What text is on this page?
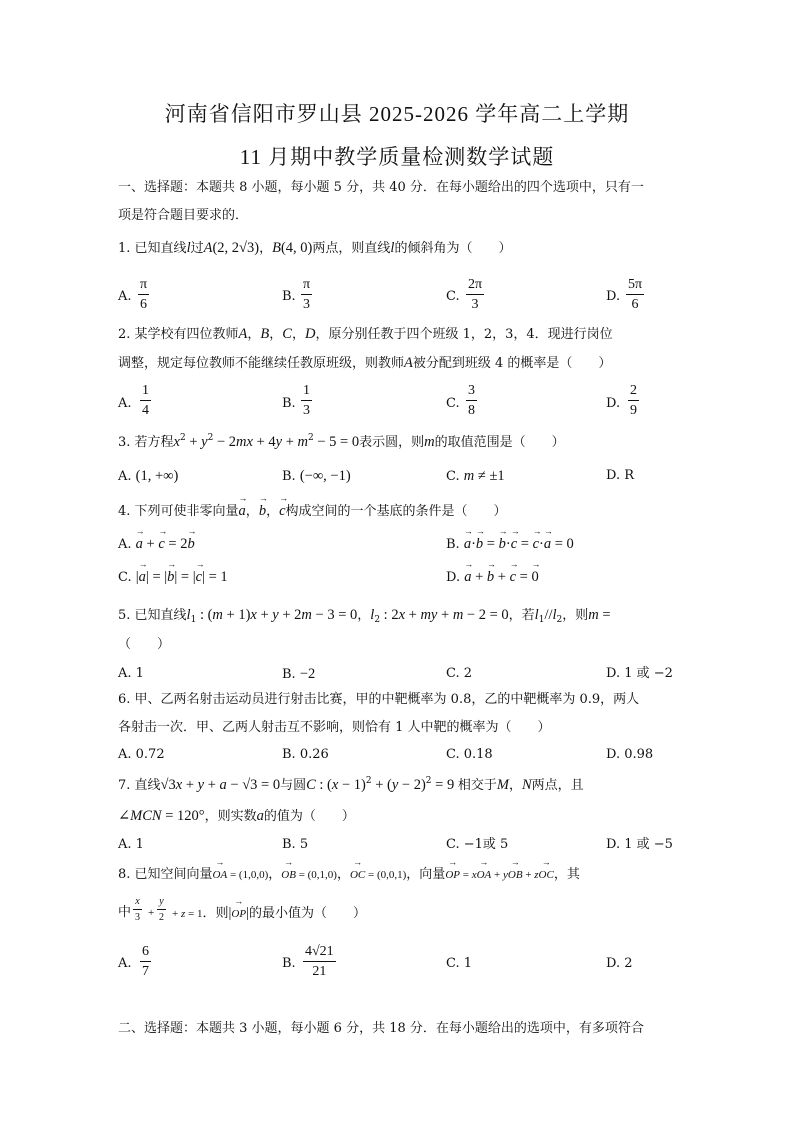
河南省信阳市罗山县 2025-2026 学年高二上学期
11 月期中教学质量检测数学试题
一、选择题：本题共 8 小题，每小题 5 分，共 40 分．在每小题给出的四个选项中，只有一
项是符合题目要求的．
1. 已知直线l过A(2, 2√3)，B(4, 0)两点，则直线l的倾斜角为（　　）
A. $\frac{\pi}{6}$	B. $\frac{\pi}{3}$	C. $\frac{2\pi}{3}$	D. $\frac{5\pi}{6}$
2. 某学校有四位教师A，B，C，D，原分别任教于四个班级 1，2，3，4．现进行岗位
调整，规定每位教师不能继续任教原班级，则教师A被分配到班级 4 的概率是（　　）
A. $\frac{1}{4}$	B. $\frac{1}{3}$	C. $\frac{3}{8}$	D. $\frac{2}{9}$
3. 若方程$x^2 + y^2 - 2mx + 4y + m^2 - 5 = 0$表示圆，则m的取值范围是（　　）
A. (1, +∞)	B. (−∞, −1)	C. m ≠ ±1	D. R
4. 下列可使非零向量→ a，→ b，→ c构成空间的一个基底的条件是（　　）
A. → a + → c = 2→ b	B. → a·→ b = → b·→ c = → c·→ a = 0
C. |→ a| = |→ b| = |→ c| = 1	D. → a + → b + → c = → 0
5. 已知直线$l_1$ : (m + 1)x + y + 2m − 3 = 0，$l_2$ : 2x + my + m − 2 = 0，若$l_1//l_2$，则m =
（　　）
A. 1	B. −2	C. 2	D. 1 或 −2
6. 甲、乙两名射击运动员进行射击比赛，甲的中靶概率为 0.8，乙的中靶概率为 0.9，两人
各射击一次．甲、乙两人射击互不影响，则恰有 1 人中靶的概率为（　　）
A. 0.72	B. 0.26	C. 0.18	D. 0.98
7. 直线√3x + y + a − √3 = 0与圆C : $(x - 1)^2 + (y - 2)^2 = 9$ 相交于M，N两点，且
∠MCN = 120°，则实数a的值为（　　）
A. 1	B. 5	C. −1或 5	D. 1 或 −5
8. 已知空间向量→ OA = (1,0,0)，→ OB = (0,1,0)，→ OC = (0,0,1)，向量→ OP = x→ OA + y→ OB + z→ OC，其
中 $\frac{x}{3} + \frac{y}{2} + z = 1$．则|→ OP|的最小值为（　　）
A. $\frac{6}{7}$	B. $\frac{4√21}{21}$	C. 1	D. 2
二、选择题：本题共 3 小题，每小题 6 分，共 18 分．在每小题给出的选项中，有多项符合
